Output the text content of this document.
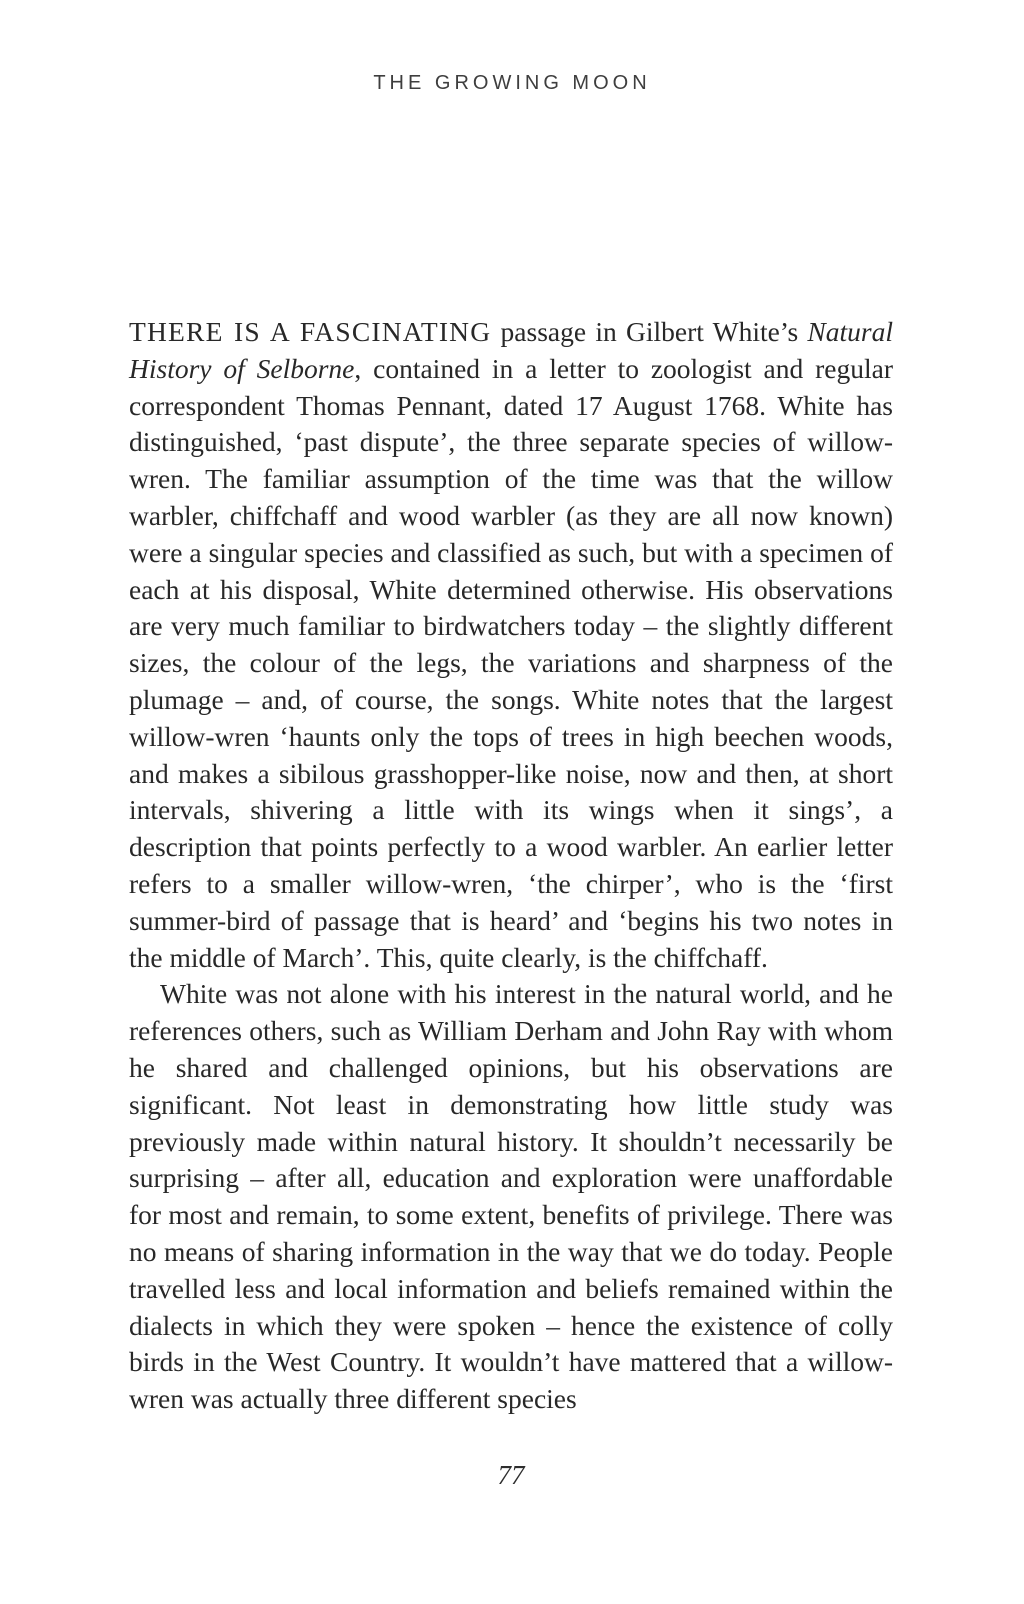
THE GROWING MOON

THERE IS A FASCINATING passage in Gilbert White’s Natural History of Selborne, contained in a letter to zoologist and regular correspondent Thomas Pennant, dated 17 August 1768. White has distinguished, ‘past dispute’, the three separate species of willow-wren. The familiar assumption of the time was that the willow warbler, chiffchaff and wood warbler (as they are all now known) were a singular species and classified as such, but with a specimen of each at his disposal, White determined otherwise. His observations are very much familiar to birdwatchers today – the slightly different sizes, the colour of the legs, the variations and sharpness of the plumage – and, of course, the songs. White notes that the largest willow-wren ‘haunts only the tops of trees in high beechen woods, and makes a sibilous grasshopper-like noise, now and then, at short intervals, shivering a little with its wings when it sings’, a description that points perfectly to a wood warbler. An earlier letter refers to a smaller willow-wren, ‘the chirper’, who is the ‘first summer-bird of passage that is heard’ and ‘begins his two notes in the middle of March’. This, quite clearly, is the chiffchaff.

White was not alone with his interest in the natural world, and he references others, such as William Derham and John Ray with whom he shared and challenged opinions, but his observations are significant. Not least in demonstrating how little study was previously made within natural history. It shouldn’t necessarily be surprising – after all, education and exploration were unaffordable for most and remain, to some extent, benefits of privilege. There was no means of sharing information in the way that we do today. People travelled less and local information and beliefs remained within the dialects in which they were spoken – hence the existence of colly birds in the West Country. It wouldn’t have mattered that a willow-wren was actually three different species

77
